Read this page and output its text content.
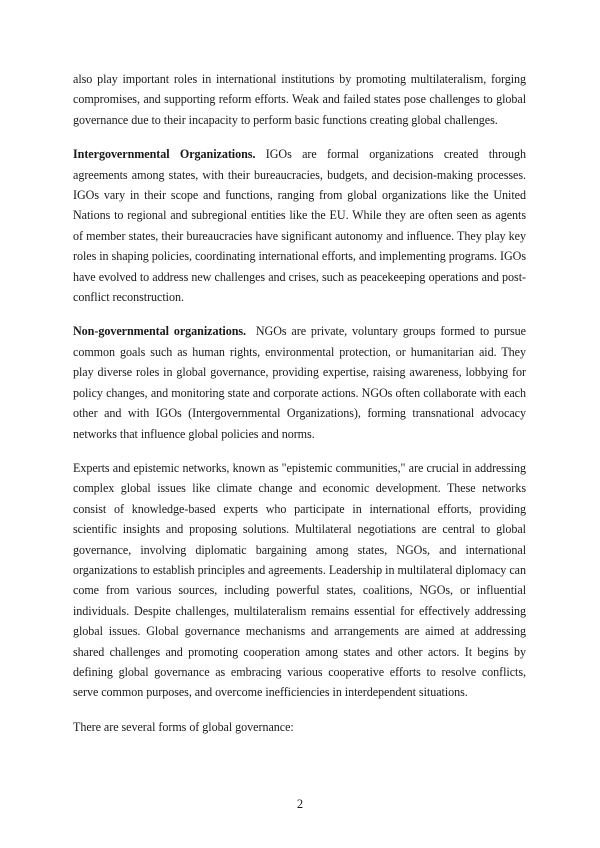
also play important roles in international institutions by promoting multilateralism, forging compromises, and supporting reform efforts. Weak and failed states pose challenges to global governance due to their incapacity to perform basic functions creating global challenges.

Intergovernmental Organizations. IGOs are formal organizations created through agreements among states, with their bureaucracies, budgets, and decision-making processes. IGOs vary in their scope and functions, ranging from global organizations like the United Nations to regional and subregional entities like the EU. While they are often seen as agents of member states, their bureaucracies have significant autonomy and influence. They play key roles in shaping policies, coordinating international efforts, and implementing programs. IGOs have evolved to address new challenges and crises, such as peacekeeping operations and post-conflict reconstruction.

Non-governmental organizations. NGOs are private, voluntary groups formed to pursue common goals such as human rights, environmental protection, or humanitarian aid. They play diverse roles in global governance, providing expertise, raising awareness, lobbying for policy changes, and monitoring state and corporate actions. NGOs often collaborate with each other and with IGOs (Intergovernmental Organizations), forming transnational advocacy networks that influence global policies and norms.

Experts and epistemic networks, known as "epistemic communities," are crucial in addressing complex global issues like climate change and economic development. These networks consist of knowledge-based experts who participate in international efforts, providing scientific insights and proposing solutions. Multilateral negotiations are central to global governance, involving diplomatic bargaining among states, NGOs, and international organizations to establish principles and agreements. Leadership in multilateral diplomacy can come from various sources, including powerful states, coalitions, NGOs, or influential individuals. Despite challenges, multilateralism remains essential for effectively addressing global issues. Global governance mechanisms and arrangements are aimed at addressing shared challenges and promoting cooperation among states and other actors. It begins by defining global governance as embracing various cooperative efforts to resolve conflicts, serve common purposes, and overcome inefficiencies in interdependent situations.

There are several forms of global governance:

2
